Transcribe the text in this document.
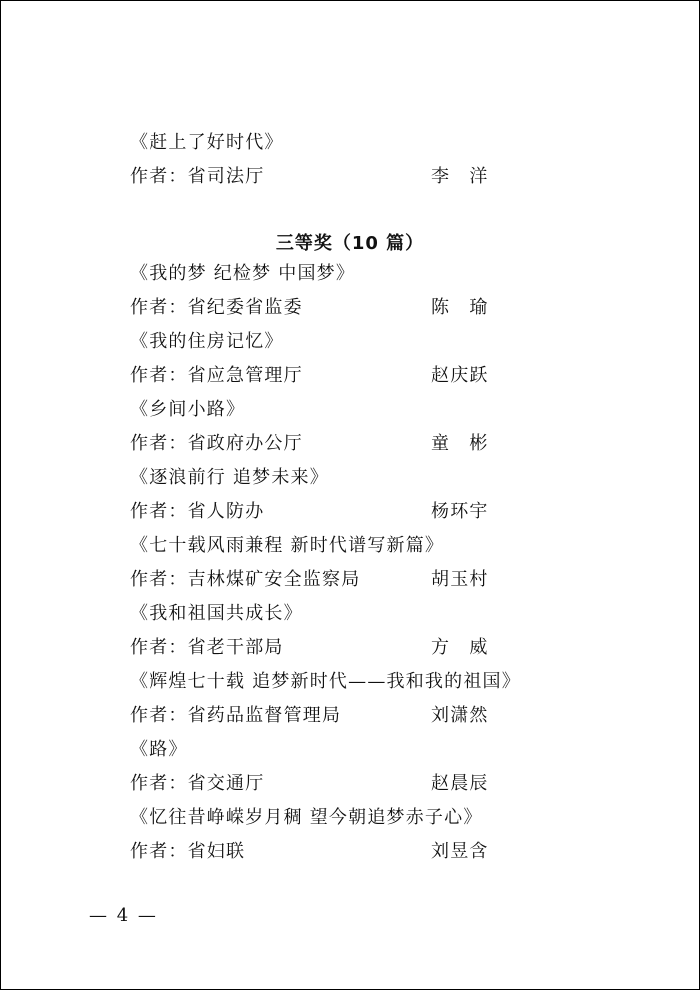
《赶上了好时代》
作者：省司法厅	李　洋
三等奖（10 篇）
《我的梦 纪检梦 中国梦》
作者：省纪委省监委	陈　瑜
《我的住房记忆》
作者：省应急管理厅	赵庆跃
《乡间小路》
作者：省政府办公厅	童　彬
《逐浪前行 追梦未来》
作者：省人防办	杨环宇
《七十载风雨兼程 新时代谱写新篇》
作者：吉林煤矿安全监察局	胡玉村
《我和祖国共成长》
作者：省老干部局	方　威
《辉煌七十载 追梦新时代——我和我的祖国》
作者：省药品监督管理局	刘潇然
《路》
作者：省交通厅	赵晨辰
《忆往昔峥嵘岁月稠 望今朝追梦赤子心》
作者：省妇联	刘昱含
— 4 —
